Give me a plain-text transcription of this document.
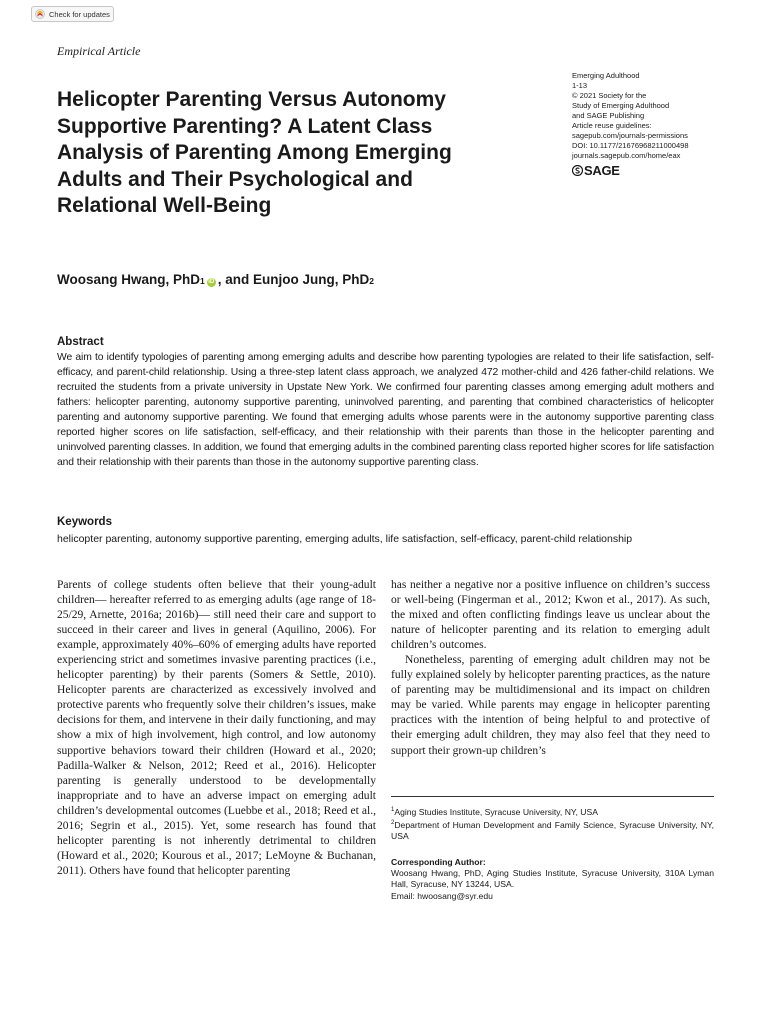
Check for updates
Empirical Article
Emerging Adulthood
1-13
© 2021 Society for the
Study of Emerging Adulthood
and SAGE Publishing
Article reuse guidelines:
sagepub.com/journals-permissions
DOI: 10.1177/21676968211000498
journals.sagepub.com/home/eax
SAGE
Helicopter Parenting Versus Autonomy Supportive Parenting? A Latent Class Analysis of Parenting Among Emerging Adults and Their Psychological and Relational Well-Being
Woosang Hwang, PhD 1 iD , and Eunjoo Jung, PhD 2
Abstract
We aim to identify typologies of parenting among emerging adults and describe how parenting typologies are related to their life satisfaction, self-efficacy, and parent-child relationship. Using a three-step latent class approach, we analyzed 472 mother-child and 426 father-child relations. We recruited the students from a private university in Upstate New York. We confirmed four parenting classes among emerging adult mothers and fathers: helicopter parenting, autonomy supportive parenting, uninvolved parenting, and parenting that combined characteristics of helicopter parenting and autonomy supportive parenting. We found that emerging adults whose parents were in the autonomy supportive parenting class reported higher scores on life satisfaction, self-efficacy, and their relationship with their parents than those in the helicopter parenting and uninvolved parenting classes. In addition, we found that emerging adults in the combined parenting class reported higher scores for life satisfaction and their relationship with their parents than those in the autonomy supportive parenting class.
Keywords
helicopter parenting, autonomy supportive parenting, emerging adults, life satisfaction, self-efficacy, parent-child relationship

Parents of college students often believe that their young-adult children— hereafter referred to as emerging adults (age range of 18-25/29, Arnette, 2016a; 2016b)— still need their care and support to succeed in their career and lives in general (Aquilino, 2006). For example, approximately 40%–60% of emerging adults have reported experiencing strict and sometimes invasive parenting practices (i.e., helicopter parenting) by their parents (Somers & Settle, 2010). Helicopter parents are characterized as excessively involved and protective parents who frequently solve their children’s issues, make decisions for them, and intervene in their daily functioning, and may show a mix of high involvement, high control, and low autonomy supportive behaviors toward their children (Howard et al., 2020; Padilla-Walker & Nelson, 2012; Reed et al., 2016). Helicopter parenting is generally understood to be developmentally inappropriate and to have an adverse impact on emerging adult children’s developmental outcomes (Luebbe et al., 2018; Reed et al., 2016; Segrin et al., 2015). Yet, some research has found that helicopter parenting is not inherently detrimental to children (Howard et al., 2020; Kourous et al., 2017; LeMoyne & Buchanan, 2011). Others have found that helicopter parenting

has neither a negative nor a positive influence on children’s success or well-being (Fingerman et al., 2012; Kwon et al., 2017). As such, the mixed and often conflicting findings leave us unclear about the nature of helicopter parenting and its relation to emerging adult children’s outcomes.

Nonetheless, parenting of emerging adult children may not be fully explained solely by helicopter parenting practices, as the nature of parenting may be multidimensional and its impact on children may be varied. While parents may engage in helicopter parenting practices with the intention of being helpful to and protective of their emerging adult children, they may also feel that they need to support their grown-up children’s

$^1$Aging Studies Institute, Syracuse University, NY, USA

$^2$Department of Human Development and Family Science, Syracuse University, NY, USA

Corresponding Author:

Woosang Hwang, PhD, Aging Studies Institute, Syracuse University, 310A Lyman Hall, Syracuse, NY 13244, USA.

Email: hwoosang@syr.edu
